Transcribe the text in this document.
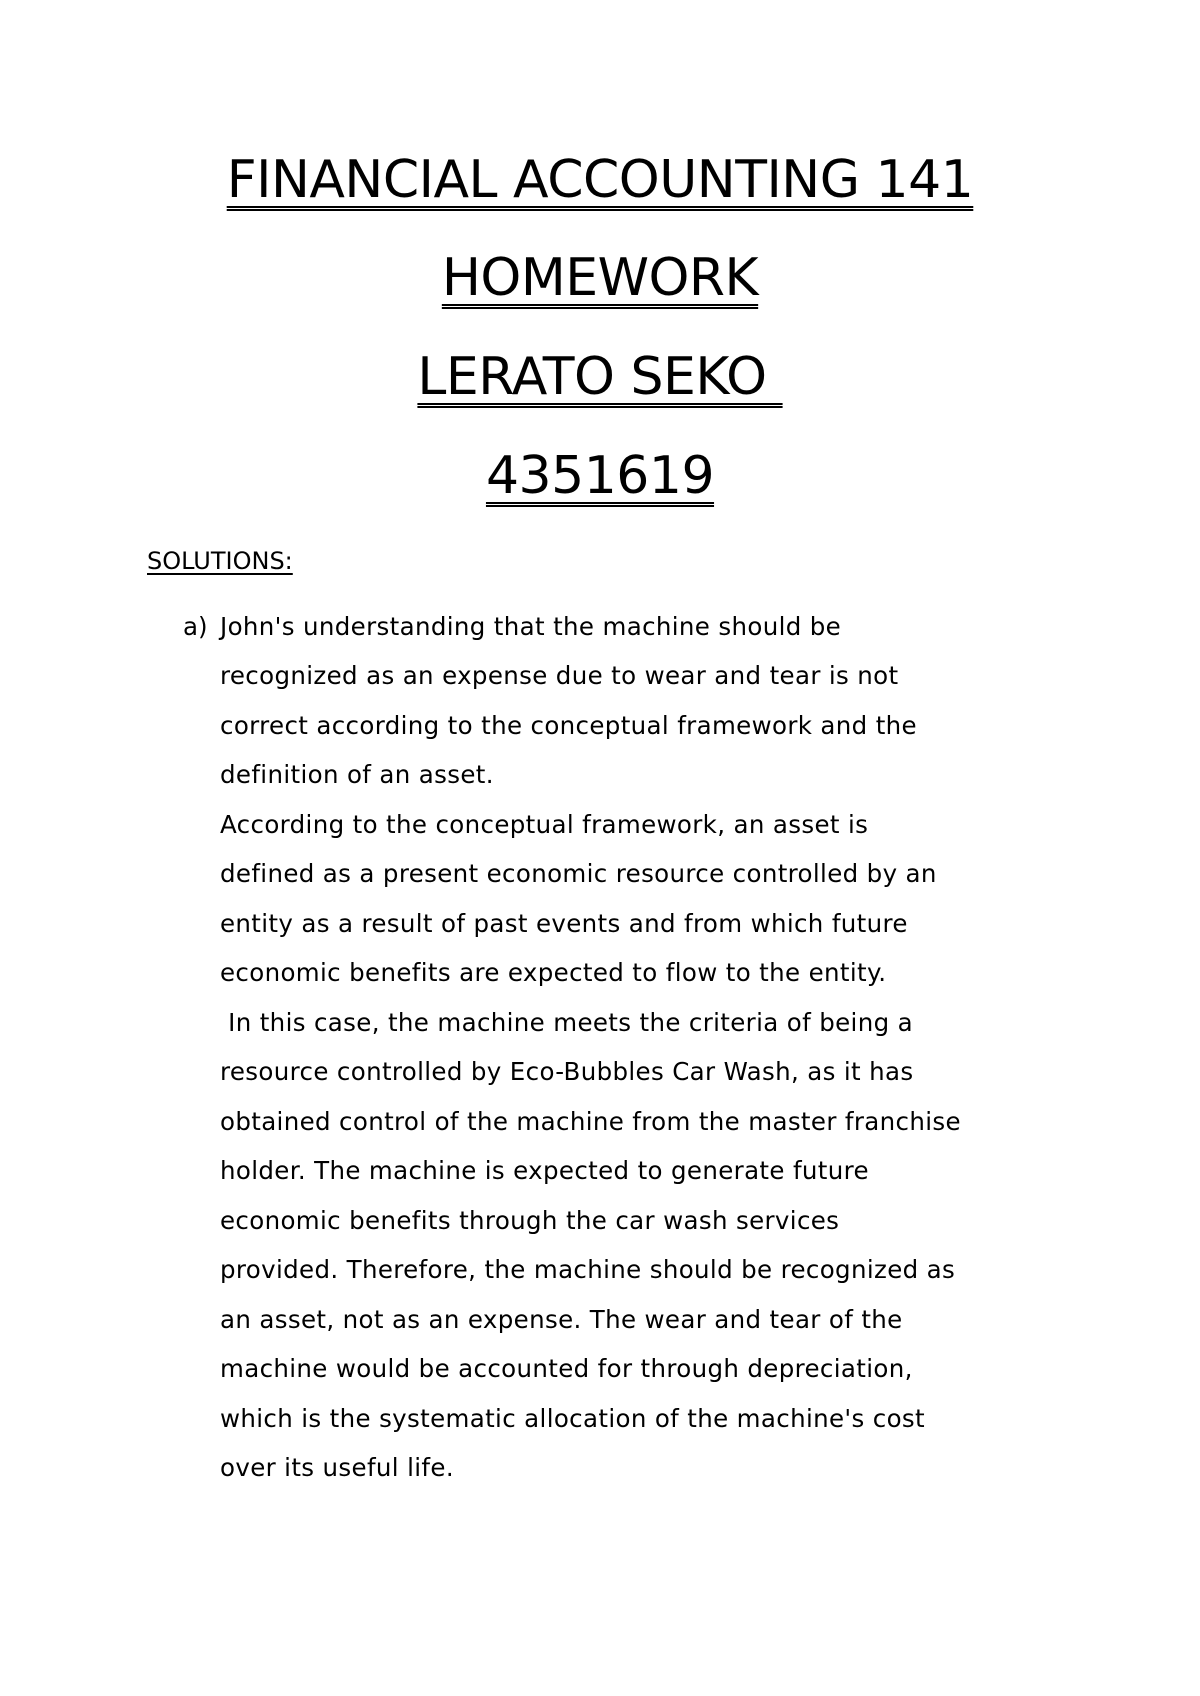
FINANCIAL ACCOUNTING 141
HOMEWORK
LERATO SEKO
4351619
SOLUTIONS:
a) John's understanding that the machine should be
recognized as an expense due to wear and tear is not
correct according to the conceptual framework and the
definition of an asset.
According to the conceptual framework, an asset is
defined as a present economic resource controlled by an
entity as a result of past events and from which future
economic benefits are expected to flow to the entity.
In this case, the machine meets the criteria of being a
resource controlled by Eco-Bubbles Car Wash, as it has
obtained control of the machine from the master franchise
holder. The machine is expected to generate future
economic benefits through the car wash services
provided. Therefore, the machine should be recognized as
an asset, not as an expense. The wear and tear of the
machine would be accounted for through depreciation,
which is the systematic allocation of the machine's cost
over its useful life.
